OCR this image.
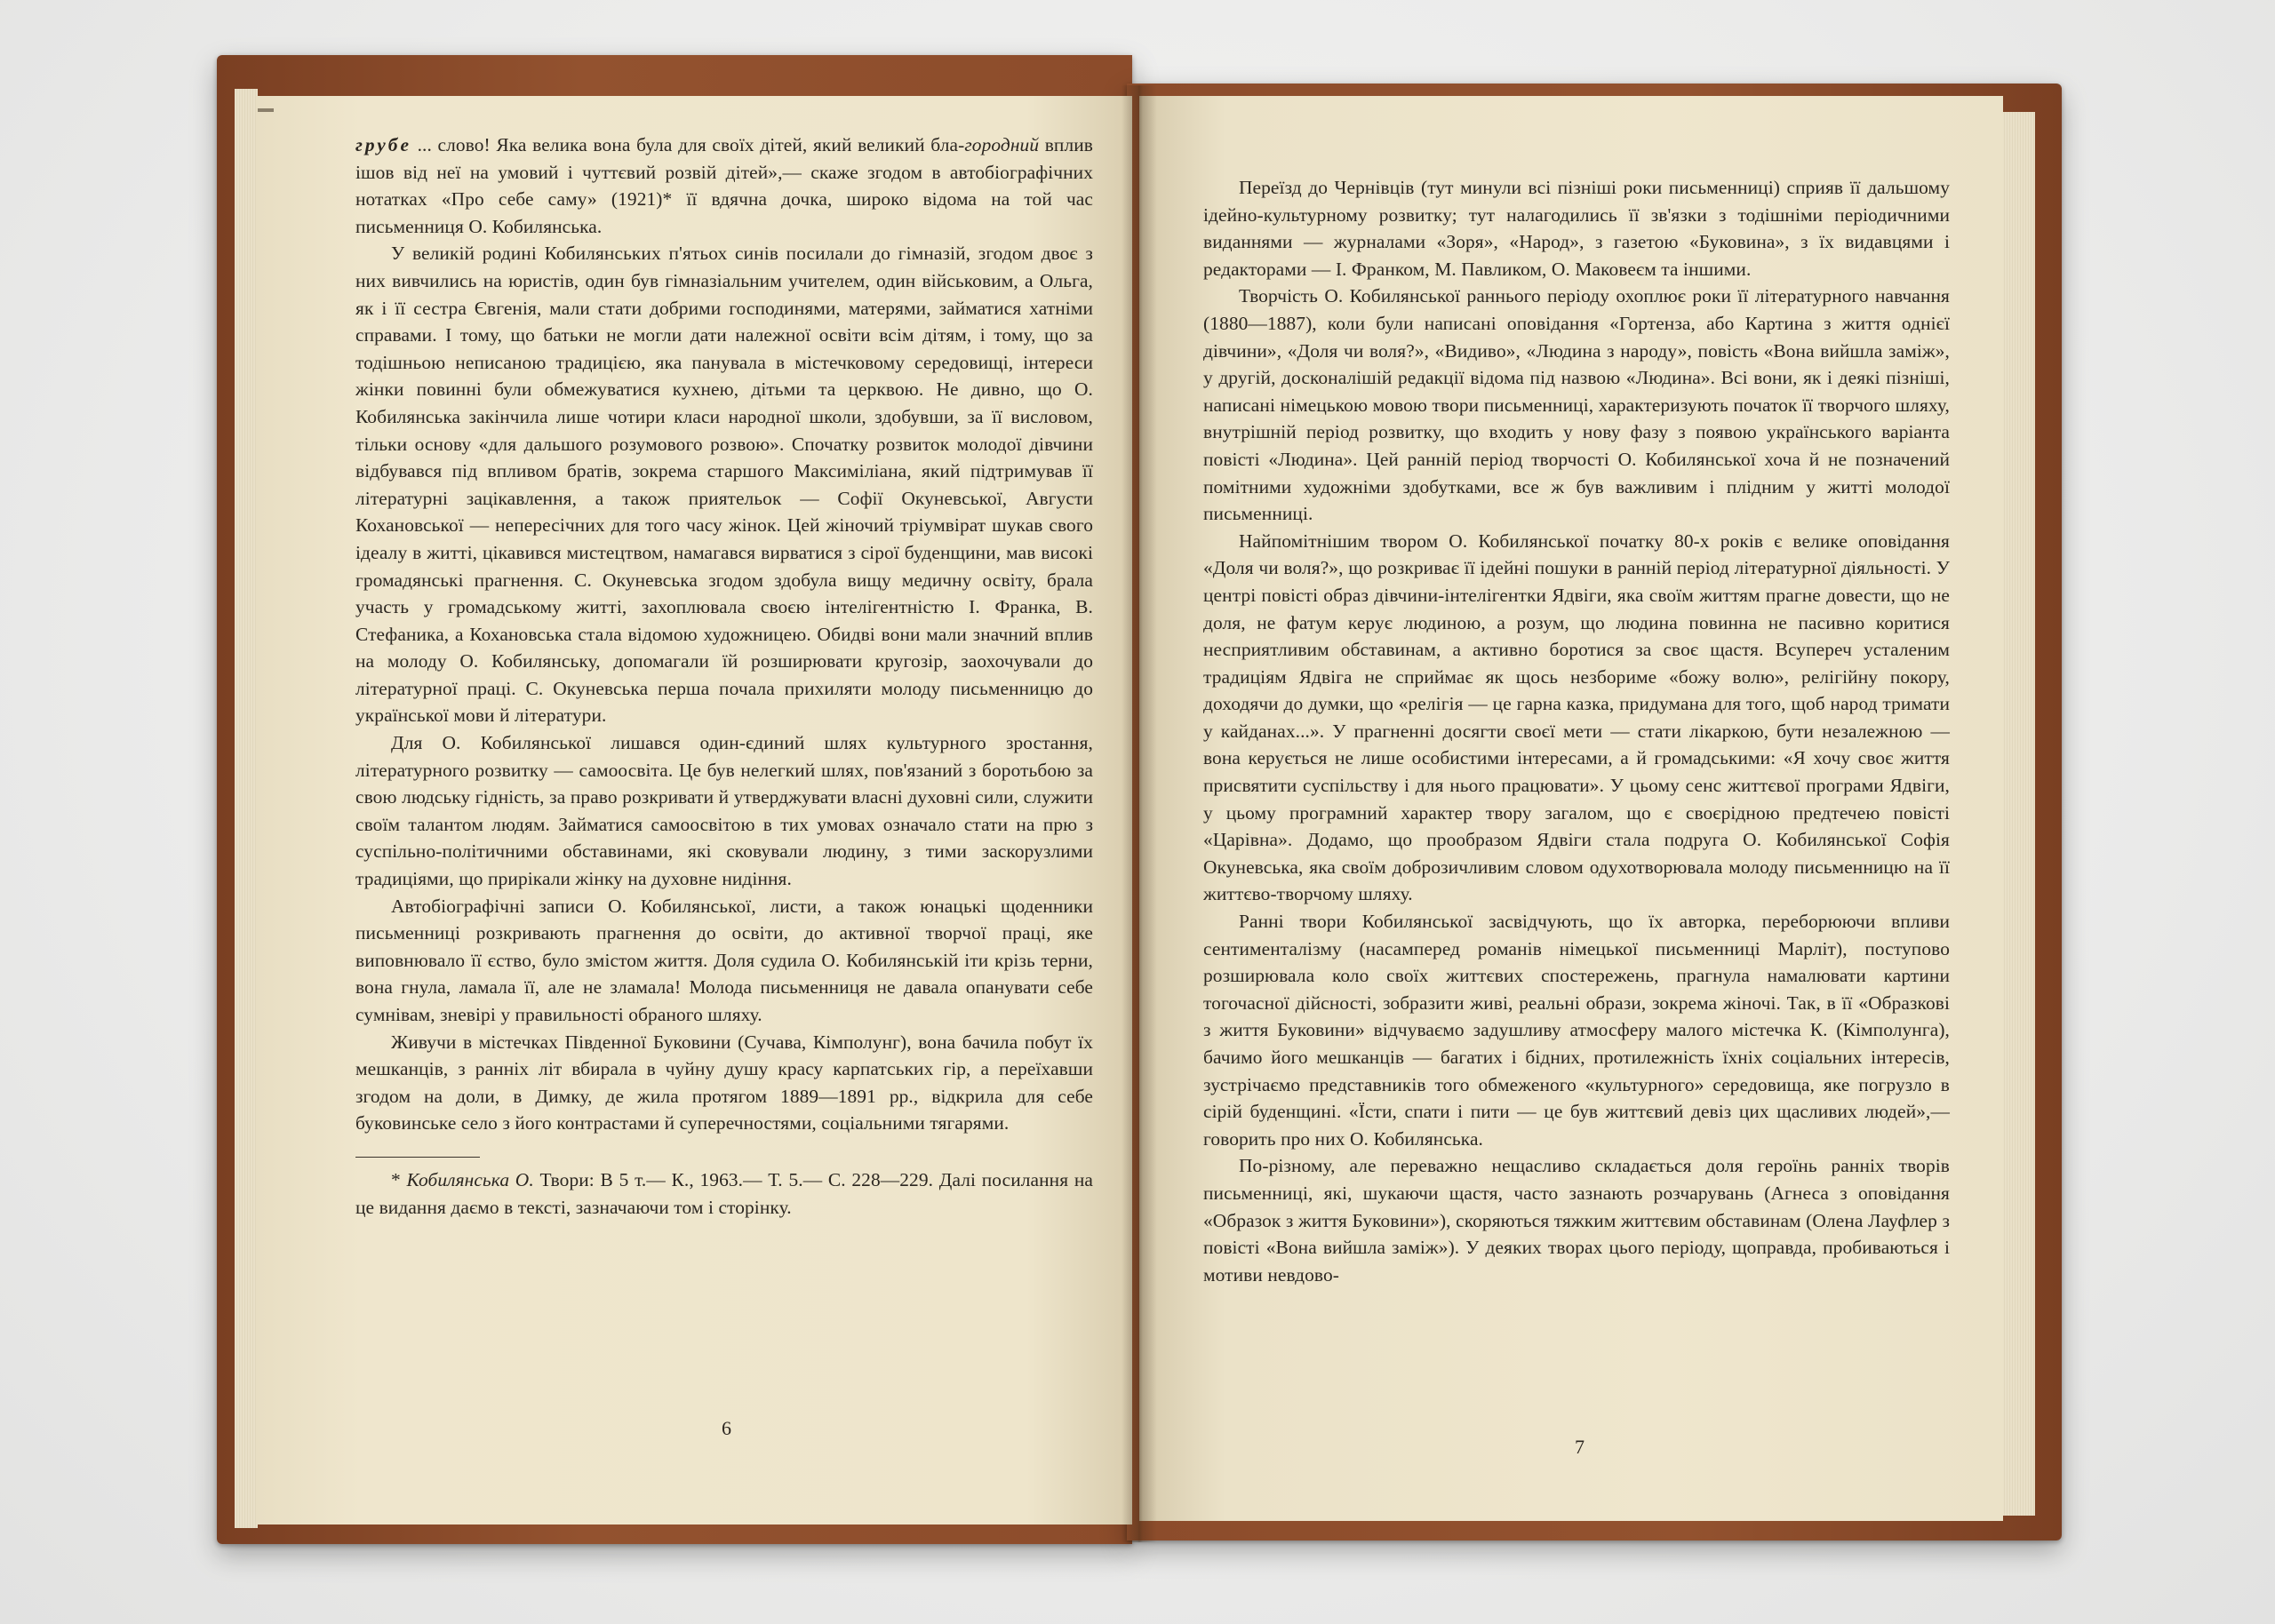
грубе ... слово! Яка велика вона була для своїх дітей, який великий бла-городний вплив ішов від неї на умовий і чуттєвий розвій дітей»,— скаже згодом в автобіографічних нотатках «Про себе саму» (1921)* її вдячна дочка, широко відома на той час письменниця О. Кобилянська.

У великій родині Кобилянських п'ятьох синів посилали до гімназій, згодом двоє з них вивчились на юристів, один був гімназіальним учителем, один військовим, а Ольга, як і її сестра Євгенія, мали стати добрими господинями, матерями, займатися хатніми справами. І тому, що батьки не могли дати належної освіти всім дітям, і тому, що за тодішньою неписаною традицією, яка панувала в містечковому середовищі, інтереси жінки повинні були обмежуватися кухнею, дітьми та церквою. Не дивно, що О. Кобилянська закінчила лише чотири класи народної школи, здобувши, за її висловом, тільки основу «для дальшого розумового розвою». Спочатку розвиток молодої дівчини відбувався під впливом братів, зокрема старшого Максиміліана, який підтримував її літературні зацікавлення, а також приятельок — Софії Окуневської, Августи Кохановської — непересічних для того часу жінок. Цей жіночий тріумвірат шукав свого ідеалу в житті, цікавився мистецтвом, намагався вирватися з сірої буденщини, мав високі громадянські прагнення. С. Окуневська згодом здобула вищу медичну освіту, брала участь у громадському житті, захоплювала своєю інтелігентністю І. Франка, В. Стефаника, а Кохановська стала відомою художницею. Обидві вони мали значний вплив на молоду О. Кобилянську, допомагали їй розширювати кругозір, заохочували до літературної праці. С. Окуневська перша почала прихиляти молоду письменницю до української мови й літератури.

Для О. Кобилянської лишався один-єдиний шлях культурного зростання, літературного розвитку — самоосвіта. Це був нелегкий шлях, пов'язаний з боротьбою за свою людську гідність, за право розкривати й утверджувати власні духовні сили, служити своїм талантом людям. Займатися самоосвітою в тих умовах означало стати на прю з суспільно-політичними обставинами, які сковували людину, з тими заскорузлими традиціями, що прирікали жінку на духовне нидіння.

Автобіографічні записи О. Кобилянської, листи, а також юнацькі щоденники письменниці розкривають прагнення до освіти, до активної творчої праці, яке виповнювало її єство, було змістом життя. Доля судила О. Кобилянській іти крізь терни, вона гнула, ламала її, але не зламала! Молода письменниця не давала опанувати себе сумнівам, зневірі у правильності обраного шляху.

Живучи в містечках Південної Буковини (Сучава, Кімполунг), вона бачила побут їх мешканців, з ранніх літ вбирала в чуйну душу красу карпатських гір, а переїхавши згодом на доли, в Димку, де жила протягом 1889—1891 рр., відкрила для себе буковинське село з його контрастами й суперечностями, соціальними тягарями.

* Кобилянська О. Твори: В 5 т.— К., 1963.— Т. 5.— С. 228—229. Далі посилання на це видання даємо в тексті, зазначаючи том і сторінку.

Переїзд до Чернівців (тут минули всі пізніші роки письменниці) сприяв її дальшому ідейно-культурному розвитку; тут налагодились її зв'язки з тодішніми періодичними виданнями — журналами «Зоря», «Народ», з газетою «Буковина», з їх видавцями і редакторами — І. Франком, М. Павликом, О. Маковеєм та іншими.

Творчість О. Кобилянської раннього періоду охоплює роки її літературного навчання (1880—1887), коли були написані оповідання «Гортенза, або Картина з життя однієї дівчини», «Доля чи воля?», «Видиво», «Людина з народу», повість «Вона вийшла заміж», у другій, досконалішій редакції відома під назвою «Людина». Всі вони, як і деякі пізніші, написані німецькою мовою твори письменниці, характеризують початок її творчого шляху, внутрішній період розвитку, що входить у нову фазу з появою українського варіанта повісті «Людина». Цей ранній період творчості О. Кобилянської хоча й не позначений помітними художніми здобутками, все ж був важливим і плідним у житті молодої письменниці.

Найпомітнішим твором О. Кобилянської початку 80-х років є велике оповідання «Доля чи воля?», що розкриває її ідейні пошуки в ранній період літературної діяльності. У центрі повісті образ дівчини-інтелігентки Ядвіги, яка своїм життям прагне довести, що не доля, не фатум керує людиною, а розум, що людина повинна не пасивно коритися несприятливим обставинам, а активно боротися за своє щастя. Всупереч усталеним традиціям Ядвіга не сприймає як щось незборимe «божу волю», релігійну покору, доходячи до думки, що «релігія — це гарна казка, придумана для того, щоб народ тримати у кайданах...». У прагненні досягти своєї мети — стати лікаркою, бути незалежною — вона керується не лише особистими інтересами, а й громадськими: «Я хочу своє життя присвятити суспільству і для нього працювати». У цьому сенс життєвої програми Ядвіги, у цьому програмний характер твору загалом, що є своєрідною предтечею повісті «Царівна». Додамо, що прообразом Ядвіги стала подруга О. Кобилянської Софія Окуневська, яка своїм доброзичливим словом одухотворювала молоду письменницю на її життєво-творчому шляху.

Ранні твори Кобилянської засвідчують, що їх авторка, переборюючи впливи сентименталізму (насамперед романів німецької письменниці Марліт), поступово розширювала коло своїх життєвих спостережень, прагнула намалювати картини тогочасної дійсності, зобразити живі, реальні образи, зокрема жіночі. Так, в її «Образкові з життя Буковини» відчуваємо задушливу атмосферу малого містечка К. (Кімполунга), бачимо його мешканців — багатих і бідних, протилежність їхніх соціальних інтересів, зустрічаємо представників того обмеженого «культурного» середовища, яке погрузло в сірій буденщині. «Їсти, спати і пити — це був життєвий девіз цих щасливих людей»,— говорить про них О. Кобилянська.

По-різному, але переважно нещасливо складається доля героїнь ранніх творів письменниці, які, шукаючи щастя, часто зазнають розчарувань (Агнеса з оповідання «Образок з життя Буковини»), скоряються тяжким життєвим обставинам (Олена Лауфлер з повісті «Вона вийшла заміж»). У деяких творах цього періоду, щоправда, пробиваються і мотиви невдово-

6
7
